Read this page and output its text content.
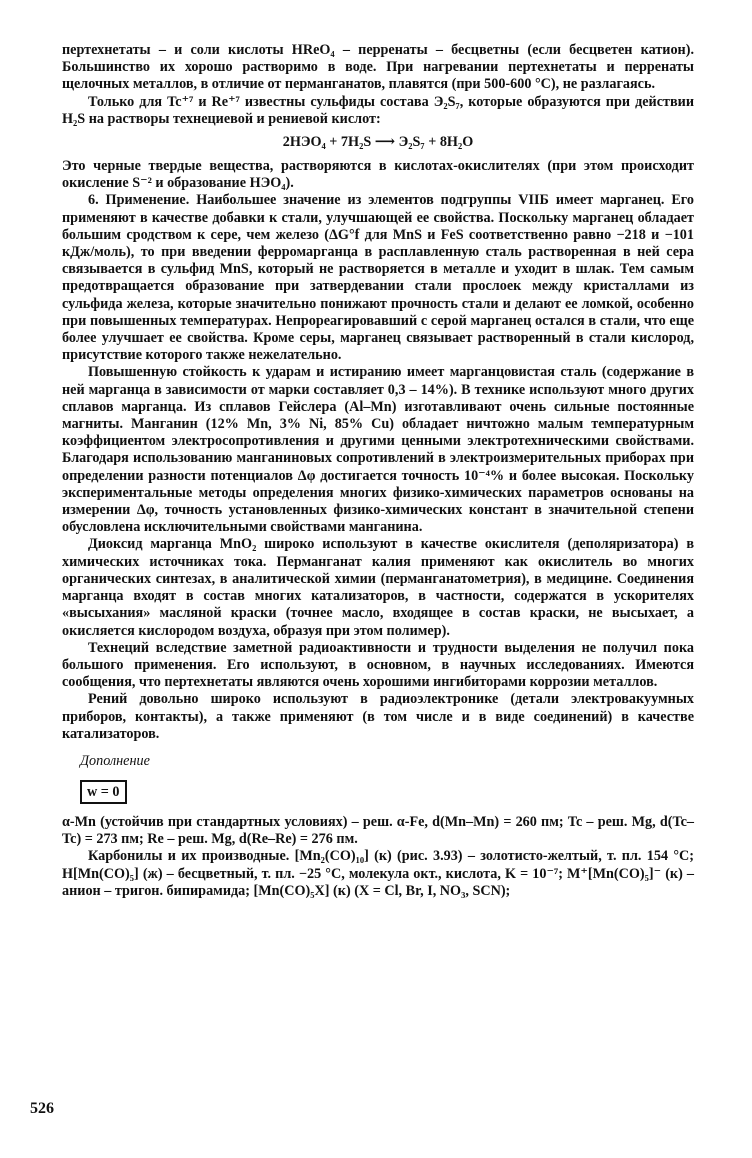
пертехнетаты – и соли кислоты HReO₄ – перренаты – бесцветны (если бесцветен катион). Большинство их хорошо растворимо в воде. При нагревании пертехнетаты и перренаты щелочных металлов, в отличие от перманганатов, плавятся (при 500-600 °С), не разлагаясь.

Только для Tc⁺⁷ и Re⁺⁷ известны сульфиды состава Э₂S₇, которые образуются при действии H₂S на растворы технециевой и рениевой кислот:

2HЭO₄ + 7H₂S ⟶ Э₂S₇ + 8H₂O

Это черные твердые вещества, растворяются в кислотах-окислителях (при этом происходит окисление S⁻² и образование HЭO₄).

6. Применение. Наибольшее значение из элементов подгруппы VIIБ имеет марганец. Его применяют в качестве добавки к стали, улучшающей ее свойства. Поскольку марганец обладает большим сродством к сере, чем железо (ΔG°f для MnS и FeS соответственно равно −218 и −101 кДж/моль), то при введении ферромарганца в расплавленную сталь растворенная в ней сера связывается в сульфид MnS, который не растворяется в металле и уходит в шлак. Тем самым предотвращается образование при затвердевании стали прослоек между кристаллами из сульфида железа, которые значительно понижают прочность стали и делают ее ломкой, особенно при повышенных температурах. Непрореагировавший с серой марганец остался в стали, что еще более улучшает ее свойства. Кроме серы, марганец связывает растворенный в стали кислород, присутствие которого также нежелательно.

Повышенную стойкость к ударам и истиранию имеет марганцовистая сталь (содержание в ней марганца в зависимости от марки составляет 0,3 – 14%). В технике используют много других сплавов марганца. Из сплавов Гейслера (Al–Mn) изготавливают очень сильные постоянные магниты. Манганин (12% Mn, 3% Ni, 85% Cu) обладает ничтожно малым температурным коэффициентом электросопротивления и другими ценными электротехническими свойствами. Благодаря использованию манганиновых сопротивлений в электроизмерительных приборах при определении разности потенциалов Δφ достигается точность 10⁻⁴% и более высокая. Поскольку экспериментальные методы определения многих физико-химических параметров основаны на измерении Δφ, точность установленных физико-химических констант в значительной степени обусловлена исключительными свойствами манганина.

Диоксид марганца MnO₂ широко используют в качестве окислителя (деполяризатора) в химических источниках тока. Перманганат калия применяют как окислитель во многих органических синтезах, в аналитической химии (перманганатометрия), в медицине. Соединения марганца входят в состав многих катализаторов, в частности, содержатся в ускорителях «высыхания» масляной краски (точнее масло, входящее в состав краски, не высыхает, а окисляется кислородом воздуха, образуя при этом полимер).

Технеций вследствие заметной радиоактивности и трудности выделения не получил пока большого применения. Его используют, в основном, в научных исследованиях. Имеются сообщения, что пертехнетаты являются очень хорошими ингибиторами коррозии металлов.

Рений довольно широко используют в радиоэлектронике (детали электровакуумных приборов, контакты), а также применяют (в том числе и в виде соединений) в качестве катализаторов.

Дополнение
w = 0

α-Mn (устойчив при стандартных условиях) – реш. α-Fe, d(Mn–Mn) = 260 пм; Tc – реш. Mg, d(Tc–Tc) = 273 пм; Re – реш. Mg, d(Re–Re) = 276 пм.

Карбонилы и их производные. [Mn₂(CO)₁₀] (к) (рис. 3.93) – золотисто-желтый, т. пл. 154 °С; H[Mn(CO)₅] (ж) – бесцветный, т. пл. −25 °С, молекула окт., кислота, K = 10⁻⁷; M⁺[Mn(CO)₅]⁻ (к) – анион – тригон. бипирамида; [Mn(CO)₅X] (к) (X = Cl, Br, I, NO₃, SCN);

526
